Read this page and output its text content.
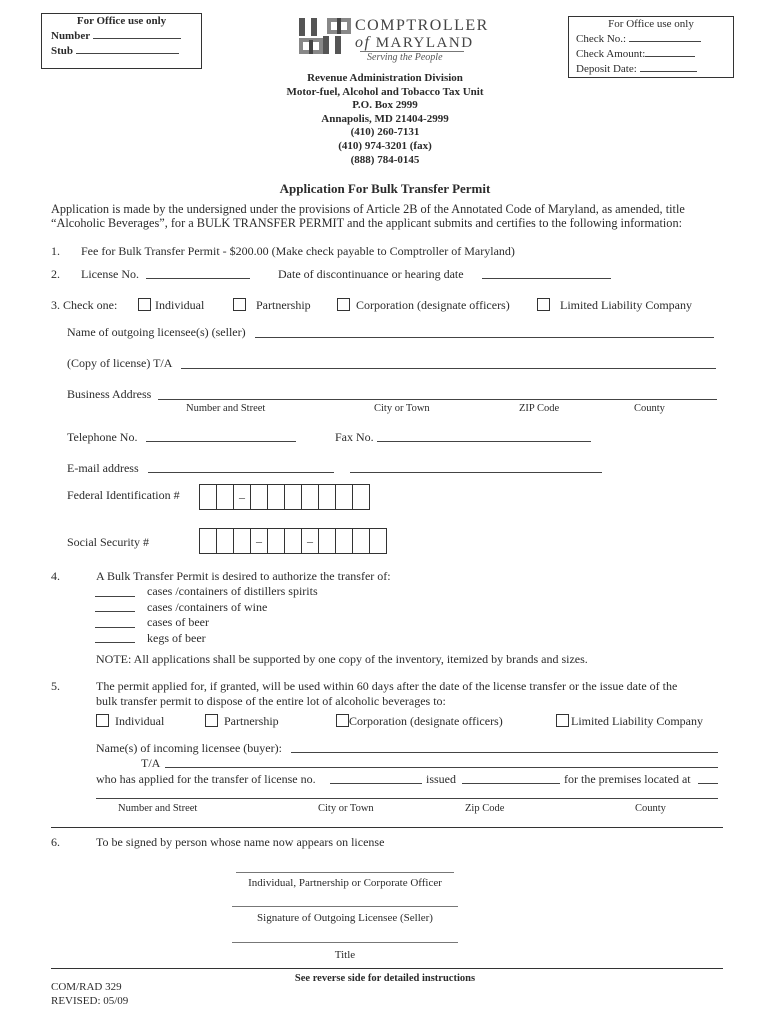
For Office use only
Number
Stub
For Office use only
Check No.:
Check Amount:
Deposit Date:
COMPTROLLER
of MARYLAND
Serving the People
Revenue Administration Division
Motor-fuel, Alcohol and Tobacco Tax Unit
P.O. Box 2999
Annapolis, MD 21404-2999
(410) 260-7131
(410) 974-3201 (fax)
(888) 784-0145
Application For Bulk Transfer Permit
Application is made by the undersigned under the provisions of Article 2B of the Annotated Code of Maryland, as amended, title
“Alcoholic Beverages”, for a BULK TRANSFER PERMIT and the applicant submits and certifies to the following information:
1. Fee for Bulk Transfer Permit - $200.00 (Make check payable to Comptroller of Maryland)
2. License No.	Date of discontinuance or hearing date
3. Check one:	Individual	Partnership	Corporation (designate officers)	Limited Liability Company
Name of outgoing licensee(s) (seller)
(Copy of license) T/A
Business Address
Number and Street	City or Town	ZIP Code	County
Telephone No.	Fax No.
E-mail address
Federal Identification #	–
Social Security #	–	–
4.	A Bulk Transfer Permit is desired to authorize the transfer of:
cases /containers of distillers spirits
cases /containers of wine
cases of beer
kegs of beer
NOTE: All applications shall be supported by one copy of the inventory, itemized by brands and sizes.
5.	The permit applied for, if granted, will be used within 60 days after the date of the license transfer or the issue date of the
bulk transfer permit to dispose of the entire lot of alcoholic beverages to:
Individual	Partnership	Corporation (designate officers)	Limited Liability Company
Name(s) of incoming licensee (buyer):
T/A
who has applied for the transfer of license no.	issued	for the premises located at
Number and Street	City or Town	Zip Code	County
6.	To be signed by person whose name now appears on license
Individual, Partnership or Corporate Officer
Signature of Outgoing Licensee (Seller)
Title
COM/RAD 329
REVISED: 05/09
See reverse side for detailed instructions
